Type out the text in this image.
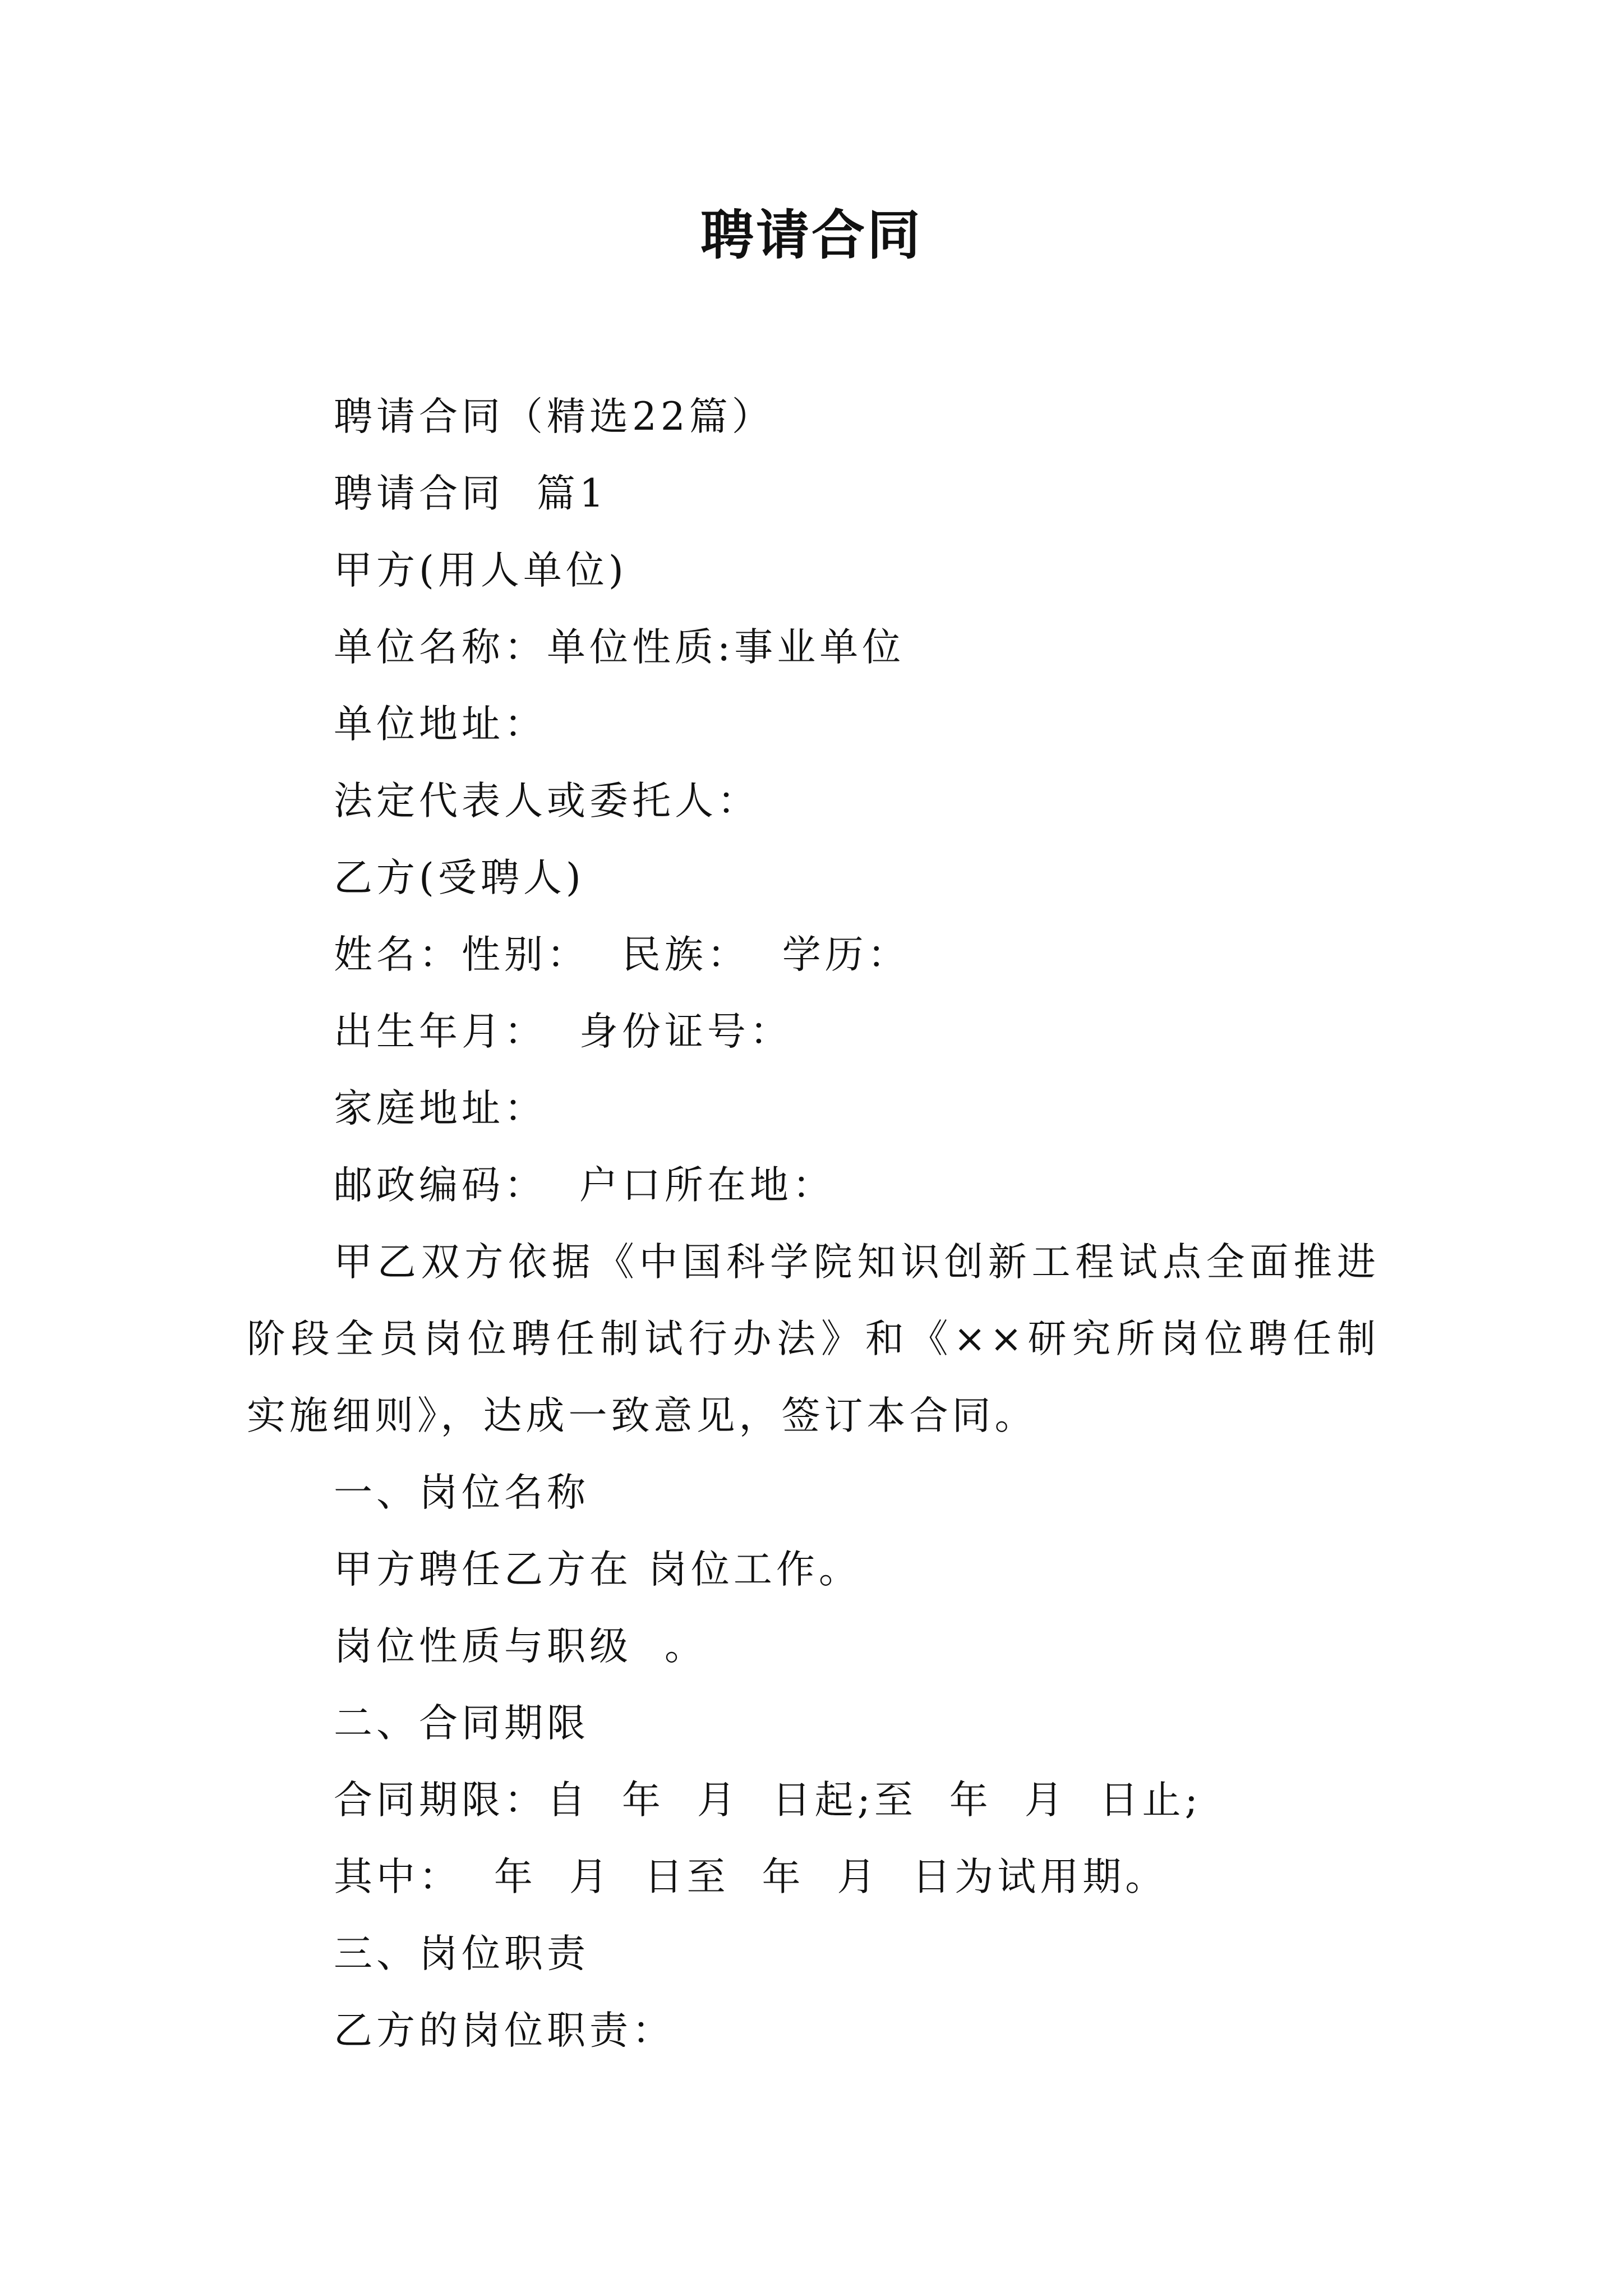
聘请合同

聘请合同（精选22篇）

聘请合同  篇1

甲方(用人单位)

单位名称：单位性质:事业单位

单位地址：

法定代表人或委托人：

乙方(受聘人)

姓名：性别：  民族：  学历：

出生年月：  身份证号：

家庭地址：

邮政编码：  户口所在地：

甲乙双方依据《中国科学院知识创新工程试点全面推进阶段全员岗位聘任制试行办法》和《××研究所岗位聘任制实施细则》，达成一致意见，签订本合同。

一、岗位名称

甲方聘任乙方在 岗位工作。

岗位性质与职级  。

二、合同期限

合同期限：自  年  月  日起;至  年  月  日止;

其中：  年  月  日至  年  月  日为试用期。

三、岗位职责

乙方的岗位职责：
